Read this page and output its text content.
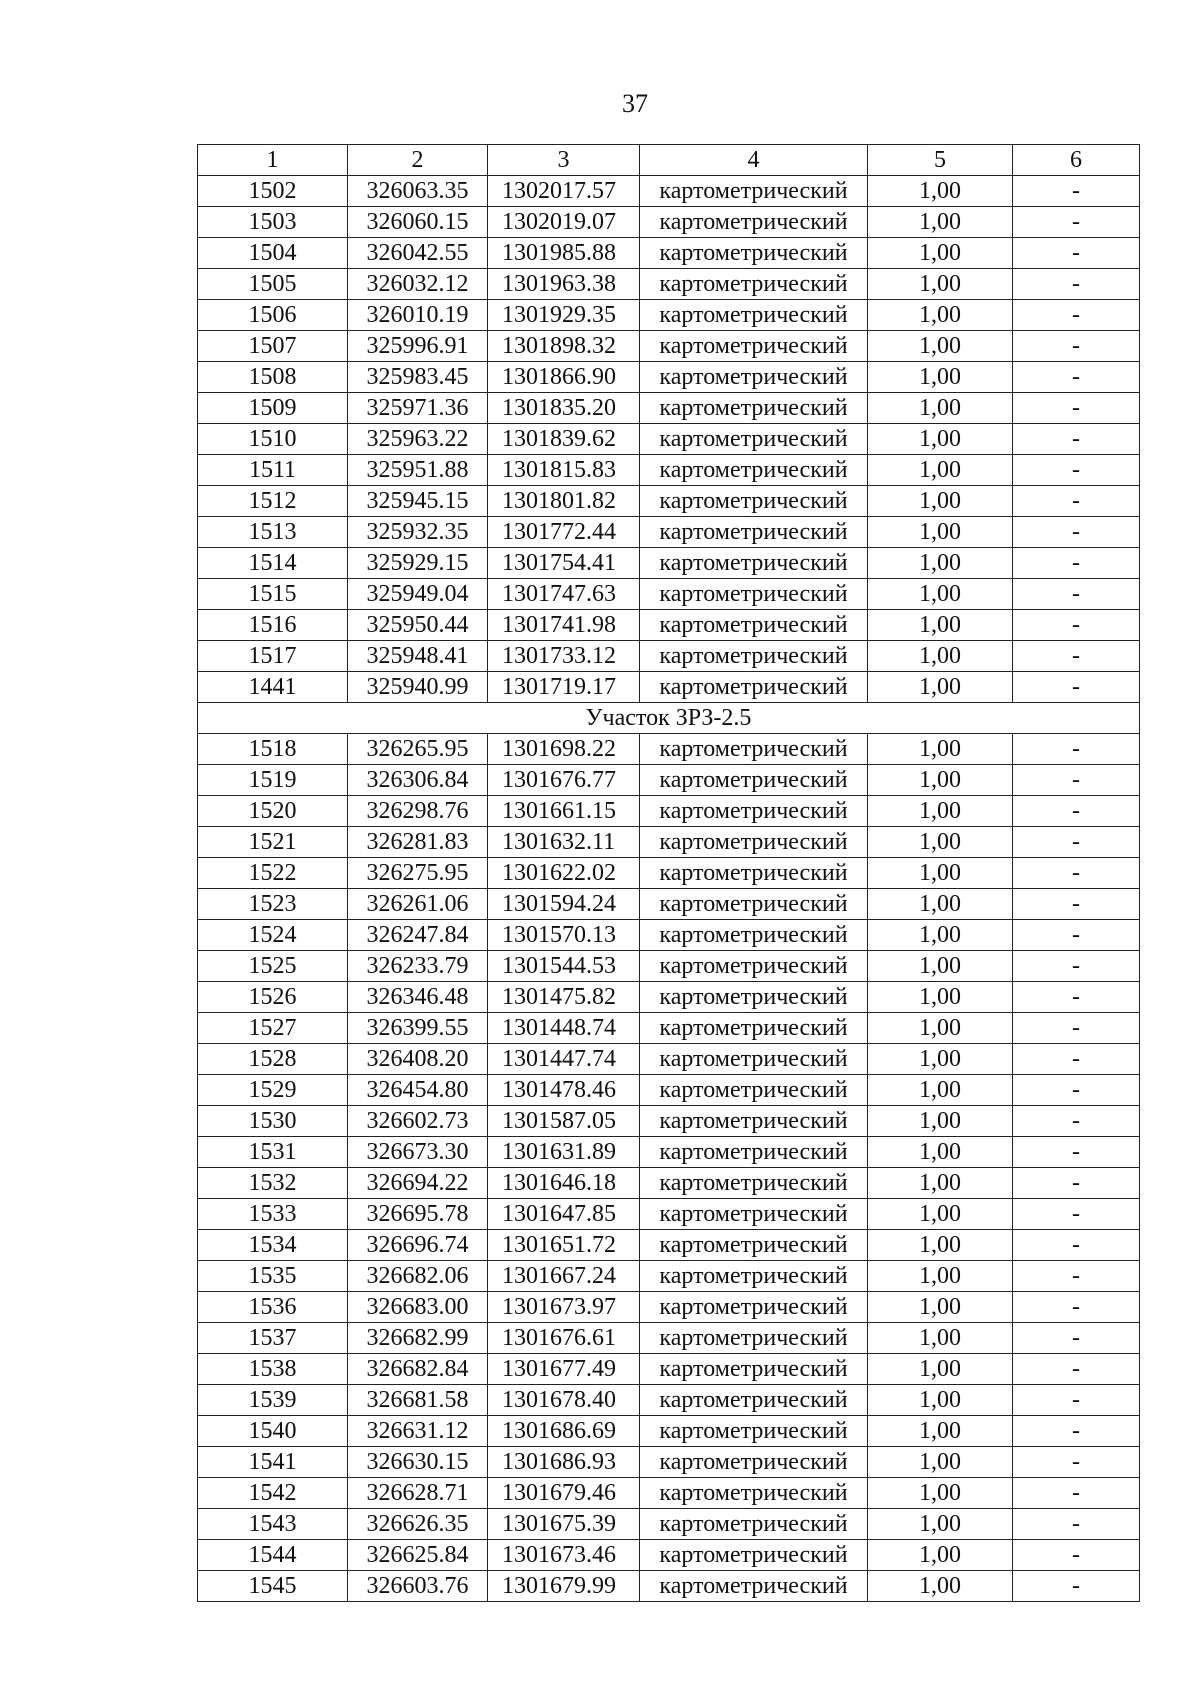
37
1	2	3	4	5	6
1502	326063.35	1302017.57	картометрический	1,00	-
1503	326060.15	1302019.07	картометрический	1,00	-
1504	326042.55	1301985.88	картометрический	1,00	-
1505	326032.12	1301963.38	картометрический	1,00	-
1506	326010.19	1301929.35	картометрический	1,00	-
1507	325996.91	1301898.32	картометрический	1,00	-
1508	325983.45	1301866.90	картометрический	1,00	-
1509	325971.36	1301835.20	картометрический	1,00	-
1510	325963.22	1301839.62	картометрический	1,00	-
1511	325951.88	1301815.83	картометрический	1,00	-
1512	325945.15	1301801.82	картометрический	1,00	-
1513	325932.35	1301772.44	картометрический	1,00	-
1514	325929.15	1301754.41	картометрический	1,00	-
1515	325949.04	1301747.63	картометрический	1,00	-
1516	325950.44	1301741.98	картометрический	1,00	-
1517	325948.41	1301733.12	картометрический	1,00	-
1441	325940.99	1301719.17	картометрический	1,00	-
Участок ЗРЗ-2.5					
1518	326265.95	1301698.22	картометрический	1,00	-
1519	326306.84	1301676.77	картометрический	1,00	-
1520	326298.76	1301661.15	картометрический	1,00	-
1521	326281.83	1301632.11	картометрический	1,00	-
1522	326275.95	1301622.02	картометрический	1,00	-
1523	326261.06	1301594.24	картометрический	1,00	-
1524	326247.84	1301570.13	картометрический	1,00	-
1525	326233.79	1301544.53	картометрический	1,00	-
1526	326346.48	1301475.82	картометрический	1,00	-
1527	326399.55	1301448.74	картометрический	1,00	-
1528	326408.20	1301447.74	картометрический	1,00	-
1529	326454.80	1301478.46	картометрический	1,00	-
1530	326602.73	1301587.05	картометрический	1,00	-
1531	326673.30	1301631.89	картометрический	1,00	-
1532	326694.22	1301646.18	картометрический	1,00	-
1533	326695.78	1301647.85	картометрический	1,00	-
1534	326696.74	1301651.72	картометрический	1,00	-
1535	326682.06	1301667.24	картометрический	1,00	-
1536	326683.00	1301673.97	картометрический	1,00	-
1537	326682.99	1301676.61	картометрический	1,00	-
1538	326682.84	1301677.49	картометрический	1,00	-
1539	326681.58	1301678.40	картометрический	1,00	-
1540	326631.12	1301686.69	картометрический	1,00	-
1541	326630.15	1301686.93	картометрический	1,00	-
1542	326628.71	1301679.46	картометрический	1,00	-
1543	326626.35	1301675.39	картометрический	1,00	-
1544	326625.84	1301673.46	картометрический	1,00	-
1545	326603.76	1301679.99	картометрический	1,00	-
